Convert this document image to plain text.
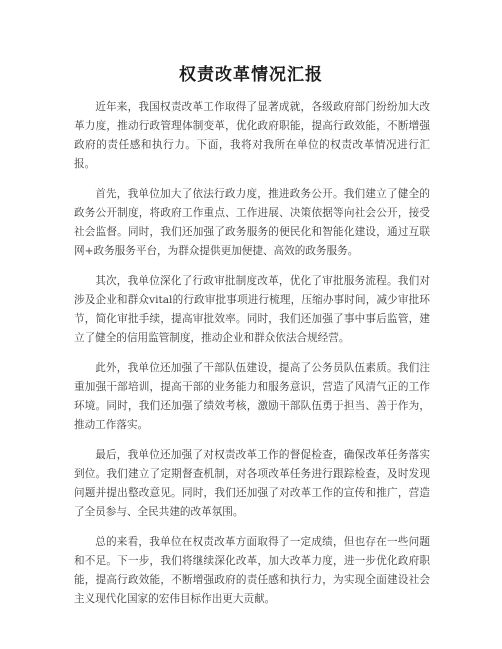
权责改革情况汇报

近年来，我国权责改革工作取得了显著成就，各级政府部门纷纷加大改革力度，推动行政管理体制变革，优化政府职能，提高行政效能，不断增强政府的责任感和执行力。下面，我将对我所在单位的权责改革情况进行汇报。

首先，我单位加大了依法行政力度，推进政务公开。我们建立了健全的政务公开制度，将政府工作重点、工作进展、决策依据等向社会公开，接受社会监督。同时，我们还加强了政务服务的便民化和智能化建设，通过互联网+政务服务平台，为群众提供更加便捷、高效的政务服务。

其次，我单位深化了行政审批制度改革，优化了审批服务流程。我们对涉及企业和群众vital的行政审批事项进行梳理，压缩办事时间，减少审批环节，简化审批手续，提高审批效率。同时，我们还加强了事中事后监管，建立了健全的信用监管制度，推动企业和群众依法合规经营。

此外，我单位还加强了干部队伍建设，提高了公务员队伍素质。我们注重加强干部培训，提高干部的业务能力和服务意识，营造了风清气正的工作环境。同时，我们还加强了绩效考核，激励干部队伍勇于担当、善于作为，推动工作落实。

最后，我单位还加强了对权责改革工作的督促检查，确保改革任务落实到位。我们建立了定期督查机制，对各项改革任务进行跟踪检查，及时发现问题并提出整改意见。同时，我们还加强了对改革工作的宣传和推广，营造了全员参与、全民共建的改革氛围。

总的来看，我单位在权责改革方面取得了一定成绩，但也存在一些问题和不足。下一步，我们将继续深化改革，加大改革力度，进一步优化政府职能，提高行政效能，不断增强政府的责任感和执行力，为实现全面建设社会主义现代化国家的宏伟目标作出更大贡献。
